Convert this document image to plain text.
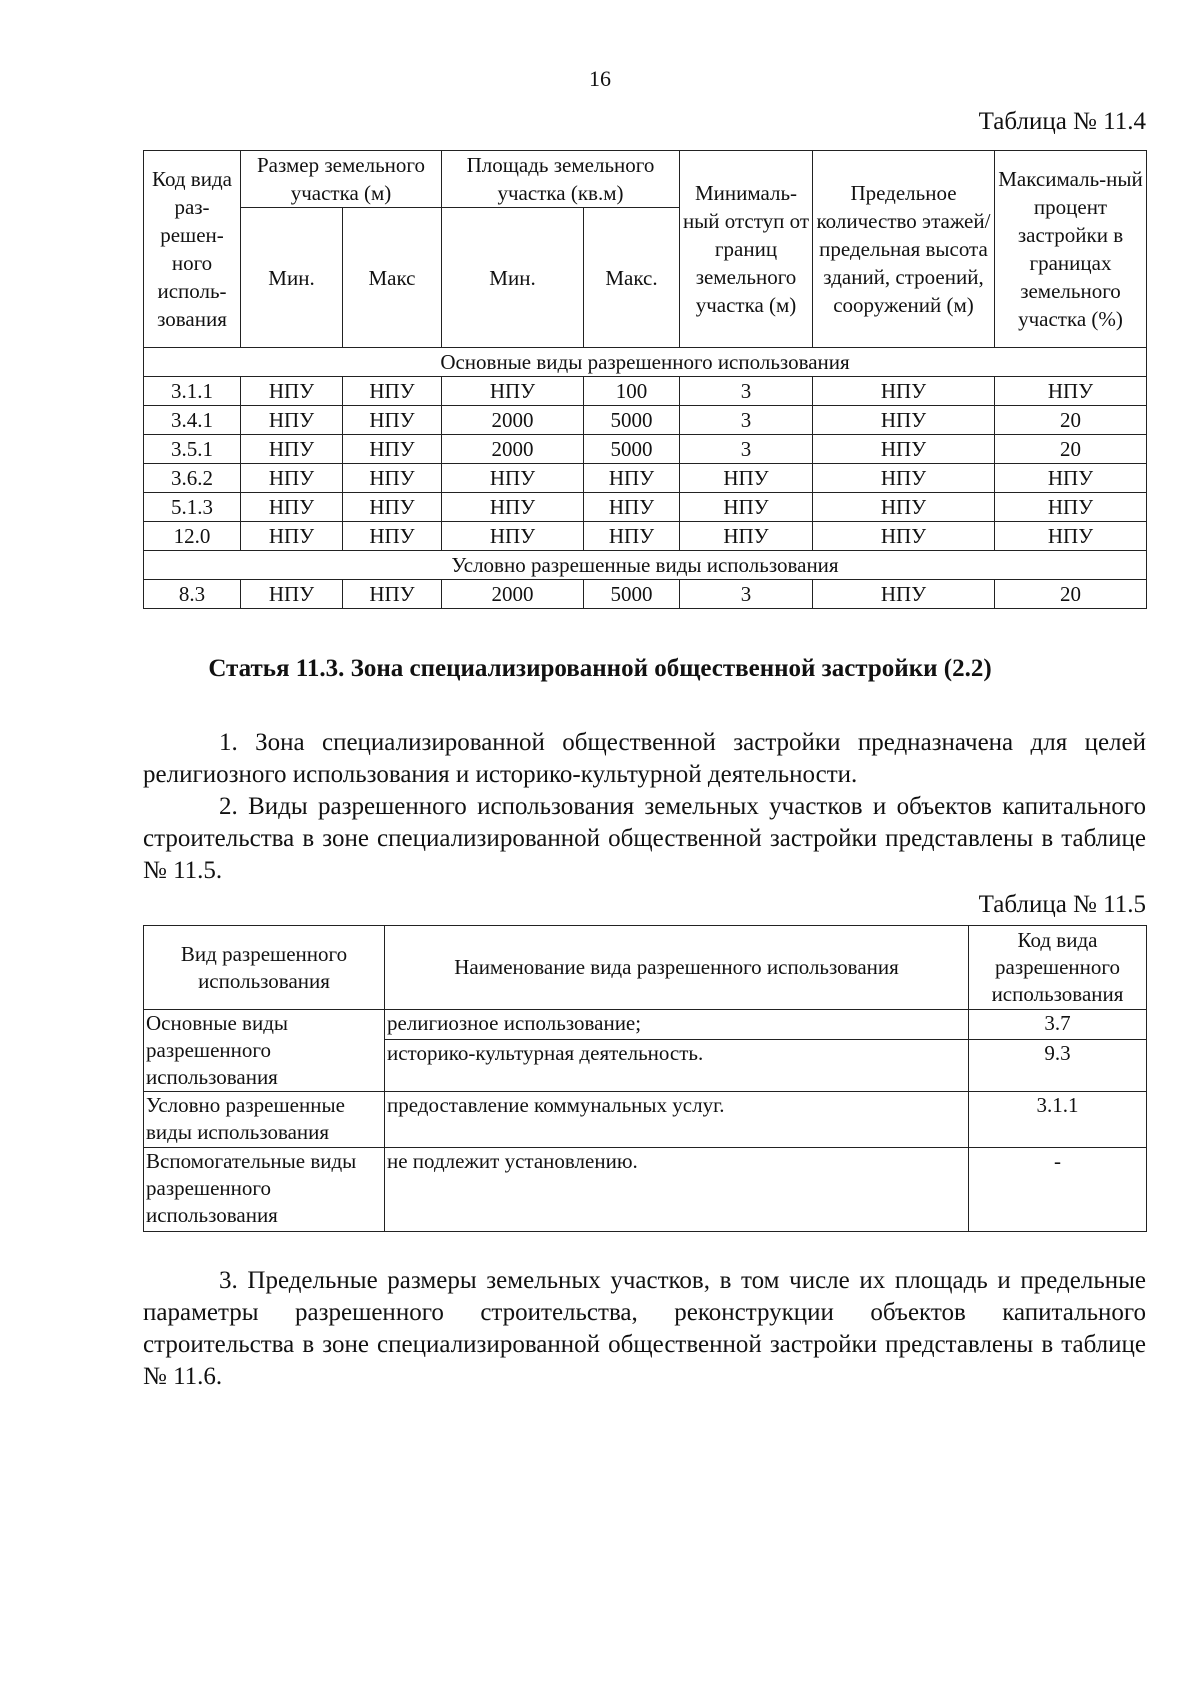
16
Таблица № 11.4
Код вида раз-решен-ного исполь-зования	Размер земельного участка (м)		Площадь земельного участка (кв.м)		Минималь-ный отступ от границ земельного участка (м)	Предельное количество этажей/ предельная высота зданий, строений, сооружений (м)	Максималь-ный процент застройки в границах земельного участка (%)
	Мин.	Макс	Мин.	Макс.			
Основные виды разрешенного использования							
3.1.1	НПУ	НПУ	НПУ	100	3	НПУ	НПУ
3.4.1	НПУ	НПУ	2000	5000	3	НПУ	20
3.5.1	НПУ	НПУ	2000	5000	3	НПУ	20
3.6.2	НПУ	НПУ	НПУ	НПУ	НПУ	НПУ	НПУ
5.1.3	НПУ	НПУ	НПУ	НПУ	НПУ	НПУ	НПУ
12.0	НПУ	НПУ	НПУ	НПУ	НПУ	НПУ	НПУ
Условно разрешенные виды использования							
8.3	НПУ	НПУ	2000	5000	3	НПУ	20
Статья 11.3. Зона специализированной общественной застройки (2.2)

1. Зона специализированной общественной застройки предназначена для целей религиозного использования и историко-культурной деятельности.

2. Виды разрешенного использования земельных участков и объектов капитального строительства в зоне специализированной общественной застройки представлены в таблице № 11.5.

Таблица № 11.5
Вид разрешенного использования	Наименование вида разрешенного использования	Код вида разрешенного использования
Основные виды разрешенного использования	религиозное использование;	3.7
	историко-культурная деятельность.	9.3
Условно разрешенные виды использования	предоставление коммунальных услуг.	3.1.1
Вспомогательные виды разрешенного использования	не подлежит установлению.	-

3. Предельные размеры земельных участков, в том числе их площадь и предельные параметры разрешенного строительства, реконструкции объектов капитального строительства в зоне специализированной общественной застройки представлены в таблице № 11.6.
